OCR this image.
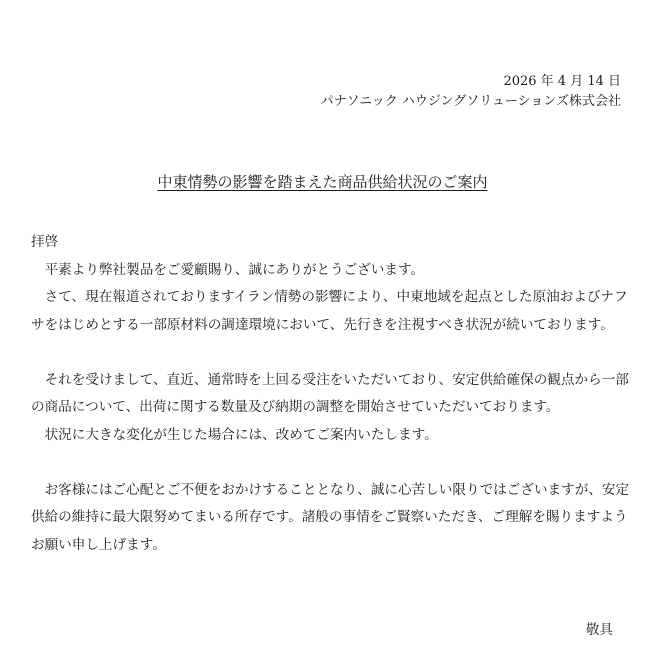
2026 年 4 月 14 日
パナソニック ハウジングソリューションズ株式会社
中東情勢の影響を踏まえた商品供給状況のご案内

拝啓

平素より弊社製品をご愛顧賜り、誠にありがとうございます。

さて、現在報道されておりますイラン情勢の影響により、中東地域を起点とした原油およびナフサをはじめとする一部原材料の調達環境において、先行きを注視すべき状況が続いております。

それを受けまして、直近、通常時を上回る受注をいただいており、安定供給確保の観点から一部の商品について、出荷に関する数量及び納期の調整を開始させていただいております。

状況に大きな変化が生じた場合には、改めてご案内いたします。

お客様にはご心配とご不便をおかけすることとなり、誠に心苦しい限りではございますが、安定供給の維持に最大限努めてまいる所存です。諸般の事情をご賢察いただき、ご理解を賜りますようお願い申し上げます。

敬具
